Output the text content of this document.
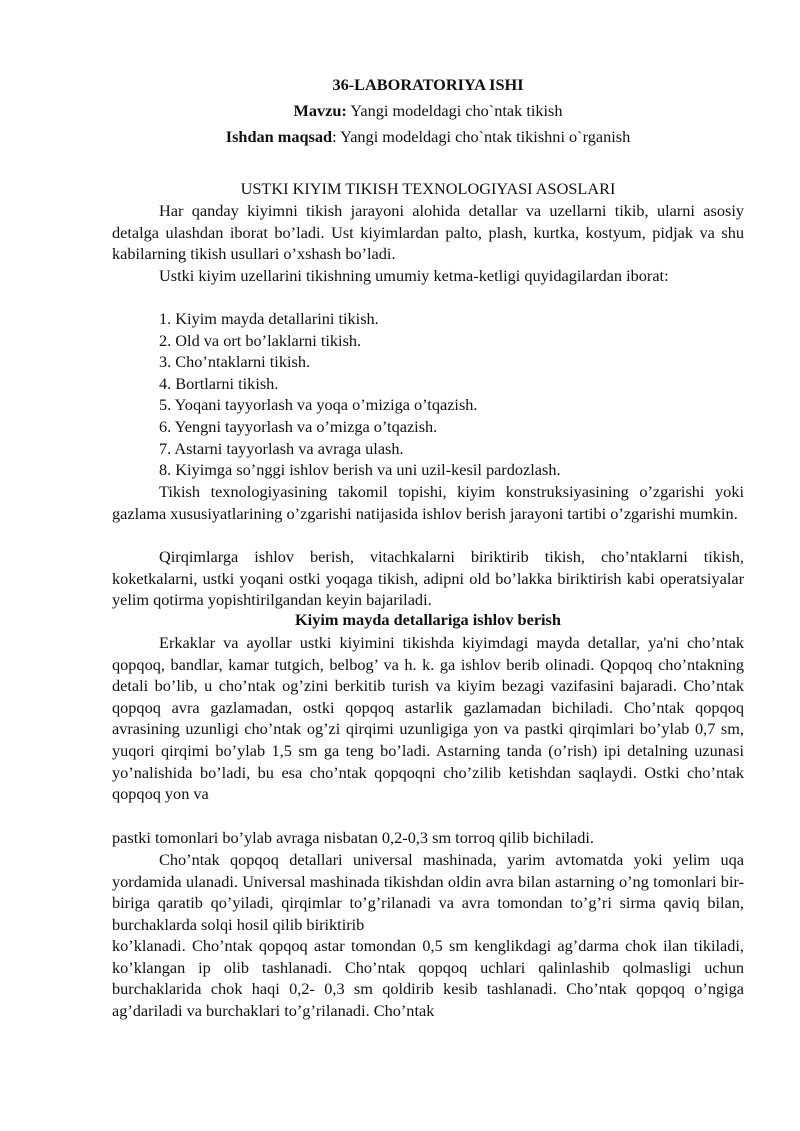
36-LABORATORIYA ISHI
Mavzu: Yangi modeldagi cho`ntak tikish
Ishdan maqsad: Yangi modeldagi cho`ntak tikishni o`rganish
USTKI KIYIM TIKISH TEXNOLOGIYASI ASOSLARI

Har qanday kiyimni tikish jarayoni alohida detallar va uzellarni tikib, ularni asosiy detalga ulashdan iborat bo’ladi. Ust kiyimlardan palto, plash, kurtka, kostyum, pidjak va shu kabilarning tikish usullari o’xshash bo’ladi.

Ustki kiyim uzellarini tikishning umumiy ketma-ketligi quyidagilardan iborat:

1. Kiyim mayda detallarini tikish.
2. Old va ort bo’laklarni tikish.
3. Cho’ntaklarni tikish.
4. Bortlarni tikish.
5. Yoqani tayyorlash va yoqa o’miziga o’tqazish.
6. Yengni tayyorlash va o’mizga o’tqazish.
7. Astarni tayyorlash va avraga ulash.
8. Kiyimga so’nggi ishlov berish va uni uzil-kesil pardozlash.

Tikish texnologiyasining takomil topishi, kiyim konstruksiyasining o’zgarishi yoki gazlama xususiyatlarining o’zgarishi natijasida ishlov berish jarayoni tartibi o’zgarishi mumkin.

Qirqimlarga ishlov berish, vitachkalarni biriktirib tikish, cho’ntaklarni tikish, koketkalarni, ustki yoqani ostki yoqaga tikish, adipni old bo’lakka biriktirish kabi operatsiyalar yelim qotirma yopishtirilgandan keyin bajariladi.

Kiyim mayda detallariga ishlov berish

Erkaklar va ayollar ustki kiyimini tikishda kiyimdagi mayda detallar, ya'ni cho’ntak qopqoq, bandlar, kamar tutgich, belbog’ va h. k. ga ishlov berib olinadi. Qopqoq cho’ntakning detali bo’lib, u cho’ntak og’zini berkitib turish va kiyim bezagi vazifasini bajaradi. Cho’ntak qopqoq avra gazlamadan, ostki qopqoq astarlik gazlamadan bichiladi. Cho’ntak qopqoq avrasining uzunligi cho’ntak og’zi qirqimi uzunligiga yon va pastki qirqimlari bo’ylab 0,7 sm, yuqori qirqimi bo’ylab 1,5 sm ga teng bo’ladi. Astarning tanda (o’rish) ipi detalning uzunasi yo’nalishida bo’ladi, bu esa cho’ntak qopqoqni cho’zilib ketishdan saqlaydi. Ostki cho’ntak qopqoq yon va

pastki tomonlari bo’ylab avraga nisbatan 0,2-0,3 sm torroq qilib bichiladi.

Cho’ntak qopqoq detallari universal mashinada, yarim avtomatda yoki yelim uqa yordamida ulanadi. Universal mashinada tikishdan oldin avra bilan astarning o’ng tomonlari bir-biriga qaratib qo’yiladi, qirqimlar to’g’rilanadi va avra tomondan to’g’ri sirma qaviq bilan, burchaklarda solqi hosil qilib biriktirib

ko’klanadi. Cho’ntak qopqoq astar tomondan 0,5 sm kenglikdagi ag’darma chok ilan tikiladi, ko’klangan ip olib tashlanadi. Cho’ntak qopqoq uchlari qalinlashib qolmasligi uchun burchaklarida chok haqi 0,2- 0,3 sm qoldirib kesib tashlanadi. Cho’ntak qopqoq o’ngiga ag’dariladi va burchaklari to’g’rilanadi. Cho’ntak
